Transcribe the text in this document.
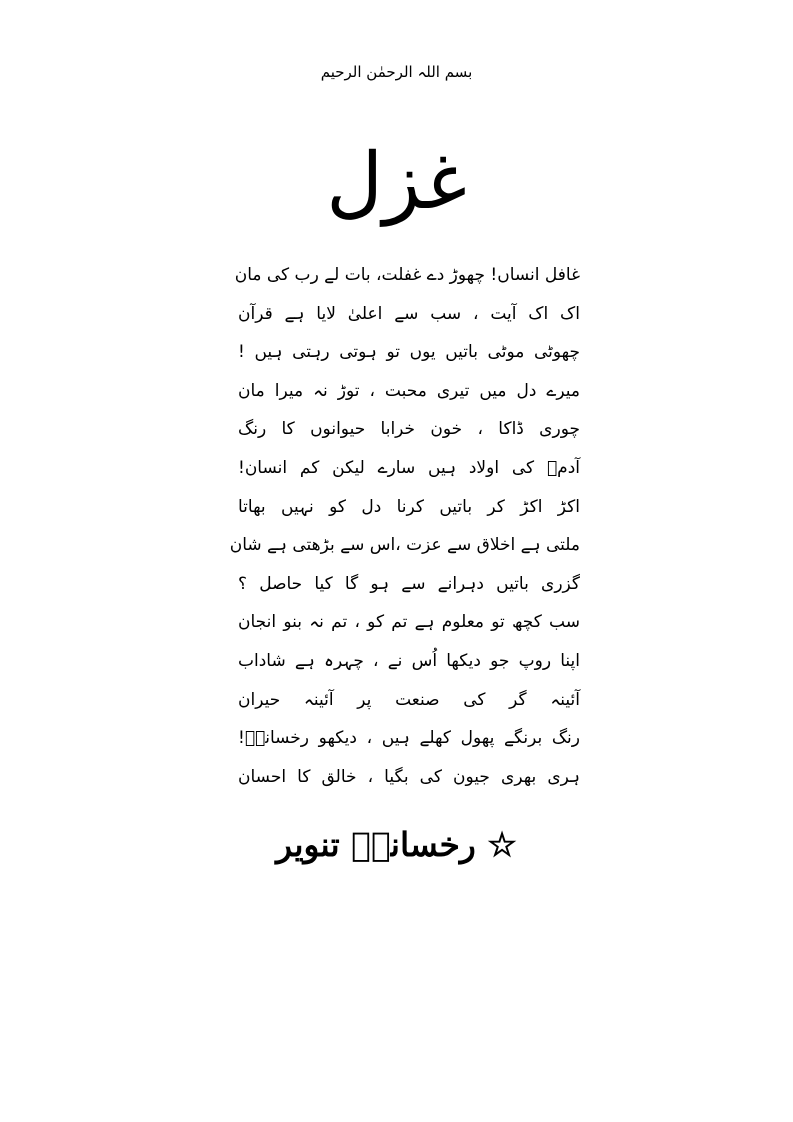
بسم اللہ الرحمٰن الرحیم
غزل
غافل انساں! چھوڑ دے غفلت، بات لے رب کی مان
اک اک آیت ، سب سے اعلیٰ لایا ہے قرآن
چھوٹی موٹی باتیں یوں تو ہوتی رہتی ہیں !
میرے دل میں تیری محبت ، توڑ نہ میرا مان
چوری ڈاکا ، خون خرابا حیوانوں کا رنگ
آدمؑ کی اولاد ہیں سارے لیکن کم انسان!
اکڑ اکڑ کر باتیں کرنا دل کو نہیں بھاتا
ملتی ہے اخلاق سے عزت ،اس سے بڑھتی ہے شان
گزری باتیں دہرانے سے ہو گا کیا حاصل ؟
سب کچھ تو معلوم ہے تم کو ، تم نہ بنو انجان
اپنا روپ جو دیکھا اُس نے ، چہرہ ہے شاداب
آئینہ گر کی صنعت پر آئینہ حیران
رنگ برنگے پھول کھلے ہیں ، دیکھو رخسانہؔ!
ہری بھری جیون کی بگیا ، خالق کا احسان
☆ رخسانہؔ تنویر
